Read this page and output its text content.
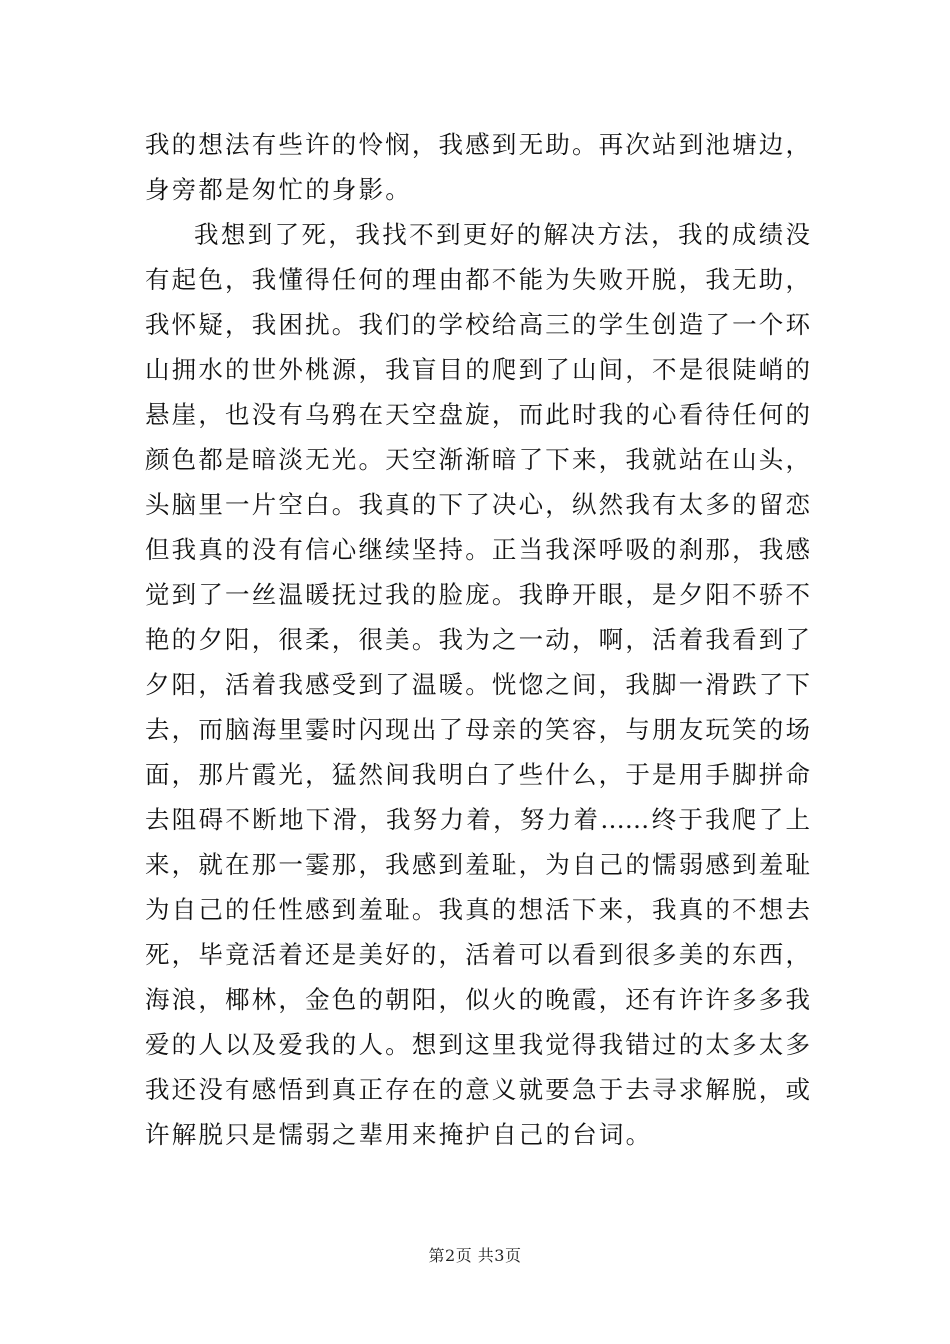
我的想法有些许的怜悯，我感到无助。再次站到池塘边，
身旁都是匆忙的身影。
我想到了死，我找不到更好的解决方法，我的成绩没
有起色，我懂得任何的理由都不能为失败开脱，我无助，
我怀疑，我困扰。我们的学校给高三的学生创造了一个环
山拥水的世外桃源，我盲目的爬到了山间，不是很陡峭的
悬崖，也没有乌鸦在天空盘旋，而此时我的心看待任何的
颜色都是暗淡无光。天空渐渐暗了下来，我就站在山头，
头脑里一片空白。我真的下了决心，纵然我有太多的留恋
但我真的没有信心继续坚持。正当我深呼吸的刹那，我感
觉到了一丝温暖抚过我的脸庞。我睁开眼，是夕阳不骄不
艳的夕阳，很柔，很美。我为之一动，啊，活着我看到了
夕阳，活着我感受到了温暖。恍惚之间，我脚一滑跌了下
去，而脑海里霎时闪现出了母亲的笑容，与朋友玩笑的场
面，那片霞光，猛然间我明白了些什么，于是用手脚拼命
去阻碍不断地下滑，我努力着，努力着……终于我爬了上
来，就在那一霎那，我感到羞耻，为自己的懦弱感到羞耻
为自己的任性感到羞耻。我真的想活下来，我真的不想去
死，毕竟活着还是美好的，活着可以看到很多美的东西，
海浪，椰林，金色的朝阳，似火的晚霞，还有许许多多我
爱的人以及爱我的人。想到这里我觉得我错过的太多太多
我还没有感悟到真正存在的意义就要急于去寻求解脱，或
许解脱只是懦弱之辈用来掩护自己的台词。
第2页 共3页
